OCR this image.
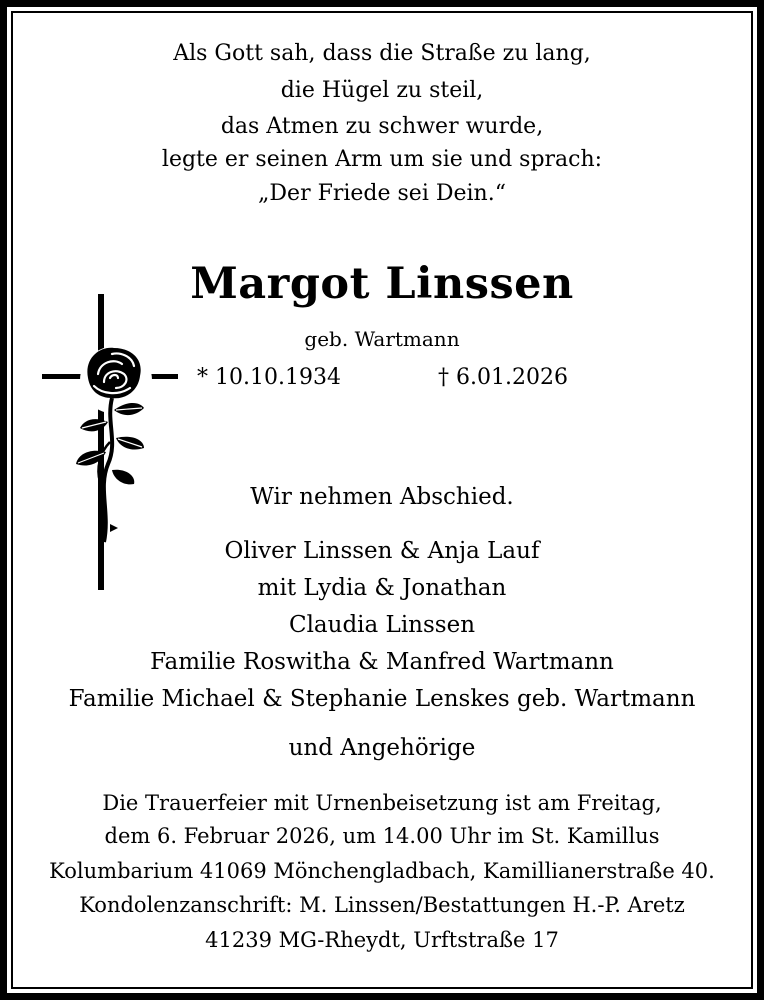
Als Gott sah, dass die Straße zu lang,
die Hügel zu steil,
das Atmen zu schwer wurde,
legte er seinen Arm um sie und sprach:
„Der Friede sei Dein.“
Margot Linssen
geb. Wartmann
* 10.10.1934	† 6.01.2026
Wir nehmen Abschied.
Oliver Linssen & Anja Lauf
mit Lydia & Jonathan
Claudia Linssen
Familie Roswitha & Manfred Wartmann
Familie Michael & Stephanie Lenskes geb. Wartmann
und Angehörige
Die Trauerfeier mit Urnenbeisetzung ist am Freitag,
dem 6. Februar 2026, um 14.00 Uhr im St. Kamillus
Kolumbarium 41069 Mönchengladbach, Kamillianerstraße 40.
Kondolenzanschrift: M. Linssen/Bestattungen H.-P. Aretz
41239 MG-Rheydt, Urftstraße 17
